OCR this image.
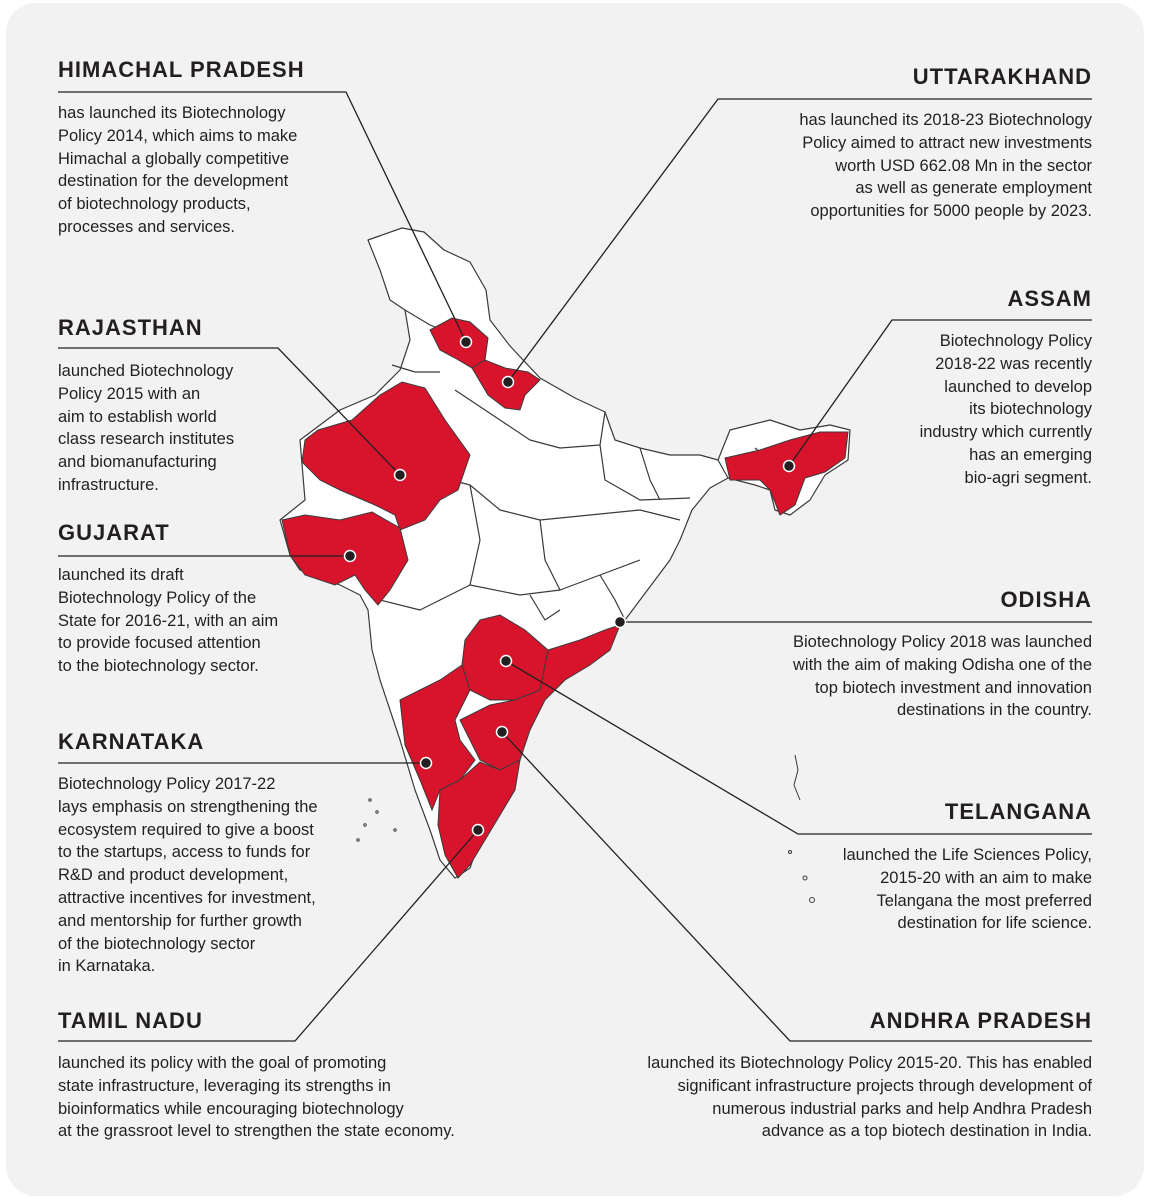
HIMACHAL PRADESH
has launched its Biotechnology
Policy 2014, which aims to make
Himachal a globally competitive
destination for the development
of biotechnology products,
processes and services.
UTTARAKHAND
has launched its 2018-23 Biotechnology
Policy aimed to attract new investments
worth USD 662.08 Mn in the sector
as well as generate employment
opportunities for 5000 people by 2023.
RAJASTHAN
launched Biotechnology
Policy 2015 with an
aim to establish world
class research institutes
and biomanufacturing
infrastructure.
ASSAM
Biotechnology Policy
2018-22 was recently
launched to develop
its biotechnology
industry which currently
has an emerging
bio-agri segment.
GUJARAT
launched its draft
Biotechnology Policy of the
State for 2016-21, with an aim
to provide focused attention
to the biotechnology sector.
ODISHA
Biotechnology Policy 2018 was launched
with the aim of making Odisha one of the
top biotech investment and innovation
destinations in the country.
KARNATAKA
Biotechnology Policy 2017-22
lays emphasis on strengthening the
ecosystem required to give a boost
to the startups, access to funds for
R&D and product development,
attractive incentives for investment,
and mentorship for further growth
of the biotechnology sector
in Karnataka.
TELANGANA
launched the Life Sciences Policy,
2015-20 with an aim to make
Telangana the most preferred
destination for life science.
TAMIL NADU
launched its policy with the goal of promoting
state infrastructure, leveraging its strengths in
bioinformatics while encouraging biotechnology
at the grassroot level to strengthen the state economy.
ANDHRA PRADESH
launched its Biotechnology Policy 2015-20. This has enabled
significant infrastructure projects through development of
numerous industrial parks and help Andhra Pradesh
advance as a top biotech destination in India.
